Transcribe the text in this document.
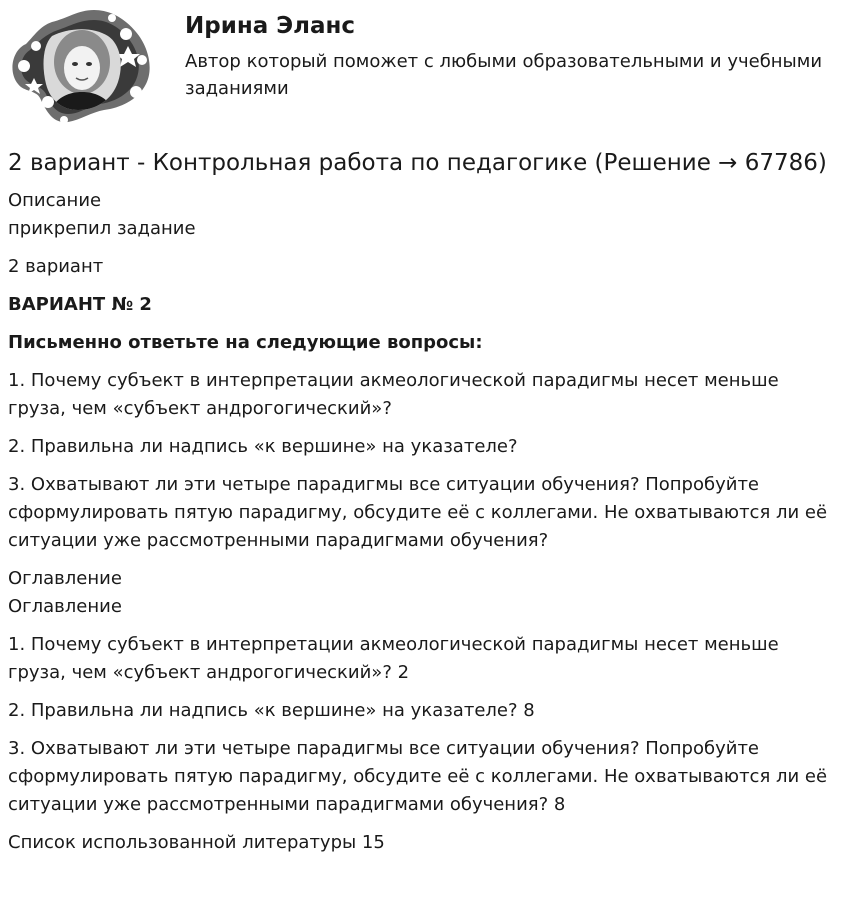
Ирина Эланс

Автор который поможет с любыми образовательными и учебными заданиями

2 вариант - Контрольная работа по педагогике (Решение → 67786)

Описание

прикрепил задание

2 вариант

ВАРИАНТ № 2

Письменно ответьте на следующие вопросы:

1. Почему субъект в интерпретации акмеологической парадигмы несет меньше груза, чем «субъект андрогогический»?

2. Правильна ли надпись «к вершине» на указателе?

3. Охватывают ли эти четыре парадигмы все ситуации обучения? Попробуйте сформулировать пятую парадигму, обсудите её с коллегами. Не охватываются ли её ситуации уже рассмотренными парадигмами обучения?

Оглавление

Оглавление

1. Почему субъект в интерпретации акмеологической парадигмы несет меньше груза, чем «субъект андрогогический»? 2

2. Правильна ли надпись «к вершине» на указателе? 8

3. Охватывают ли эти четыре парадигмы все ситуации обучения? Попробуйте сформулировать пятую парадигму, обсудите её с коллегами. Не охватываются ли её ситуации уже рассмотренными парадигмами обучения? 8

Список использованной литературы 15
